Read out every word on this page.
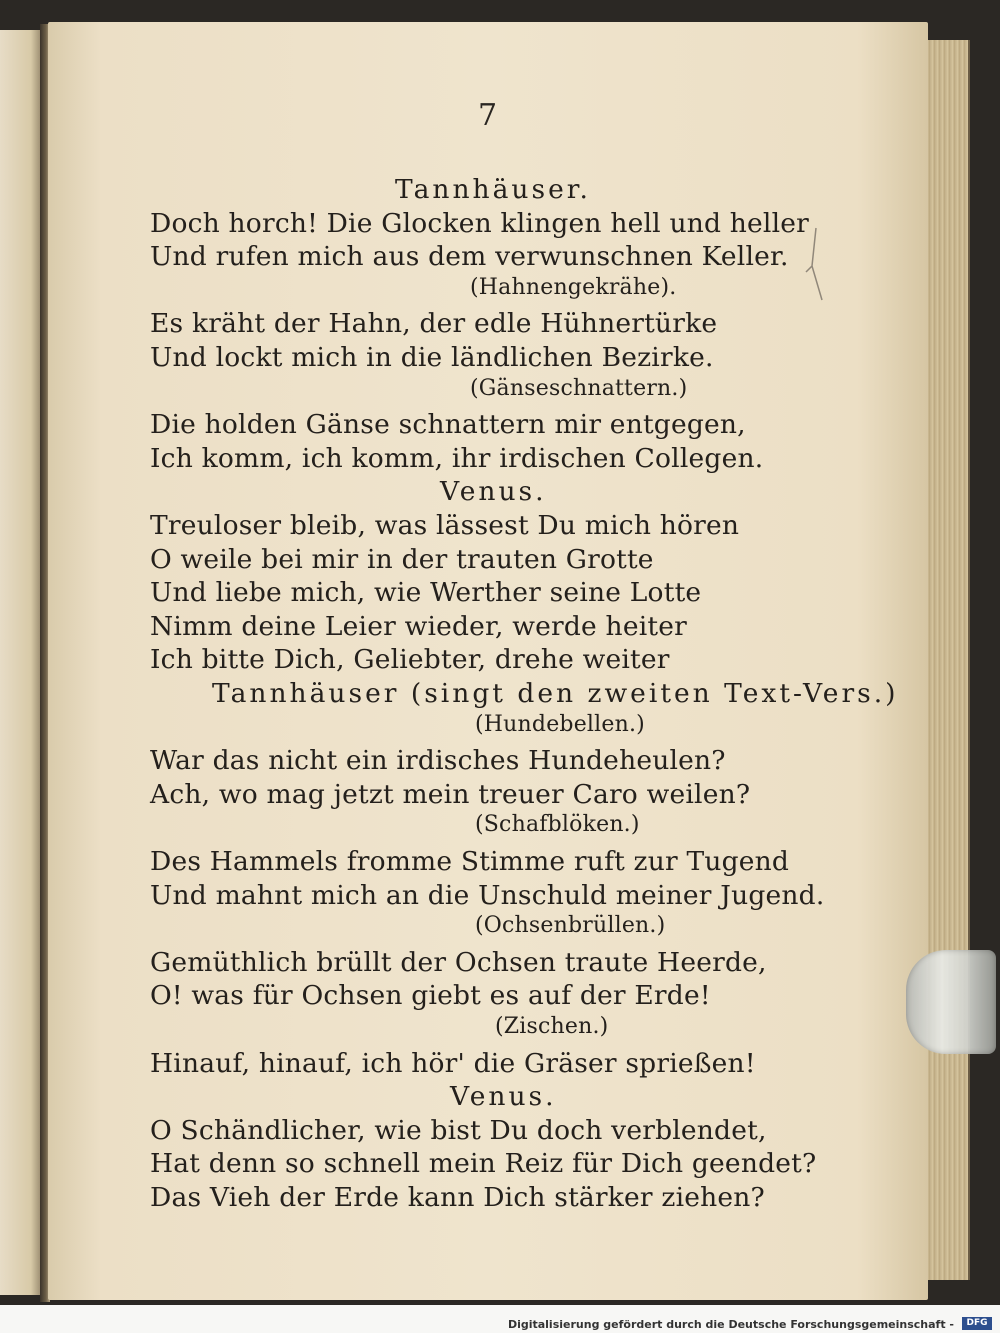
7
Tannhäuser.
Doch horch! Die Glocken klingen hell und heller
Und rufen mich aus dem verwunschnen Keller.
(Hahnengekrähe).
Es kräht der Hahn, der edle Hühnertürke
Und lockt mich in die ländlichen Bezirke.
(Gänseschnattern.)
Die holden Gänse schnattern mir entgegen,
Ich komm, ich komm, ihr irdischen Collegen.
Venus.
Treuloser bleib, was lässest Du mich hören
O weile bei mir in der trauten Grotte
Und liebe mich, wie Werther seine Lotte
Nimm deine Leier wieder, werde heiter
Ich bitte Dich, Geliebter, drehe weiter
Tannhäuser (singt den zweiten Text-Vers.)
(Hundebellen.)
War das nicht ein irdisches Hundeheulen?
Ach, wo mag jetzt mein treuer Caro weilen?
(Schafblöken.)
Des Hammels fromme Stimme ruft zur Tugend
Und mahnt mich an die Unschuld meiner Jugend.
(Ochsenbrüllen.)
Gemüthlich brüllt der Ochsen traute Heerde,
O! was für Ochsen giebt es auf der Erde!
(Zischen.)
Hinauf, hinauf, ich hör' die Gräser sprießen!
Venus.
O Schändlicher, wie bist Du doch verblendet,
Hat denn so schnell mein Reiz für Dich geendet?
Das Vieh der Erde kann Dich stärker ziehen?
Digitalisierung gefördert durch die Deutsche Forschungsgemeinschaft -	DFG
